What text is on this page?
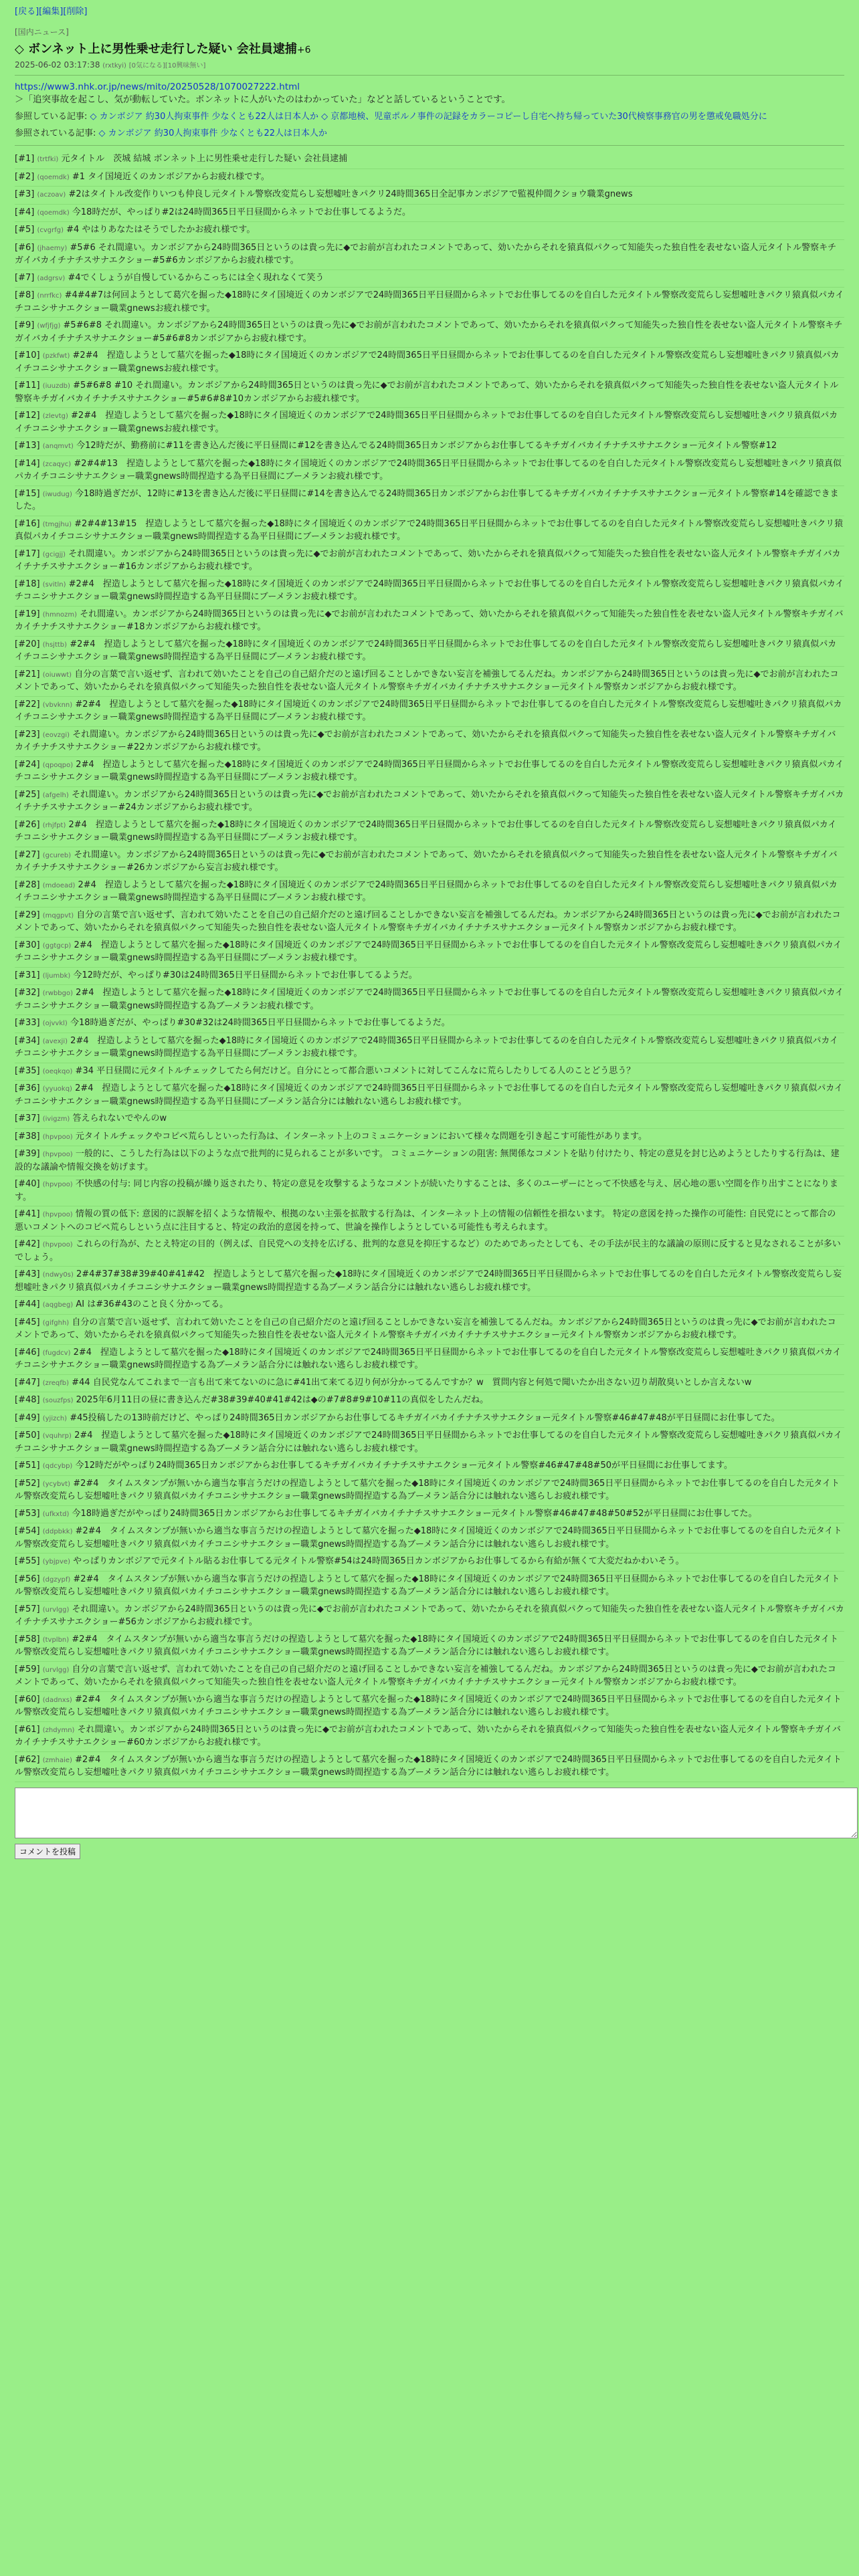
[戻る][編集][削除]
[国内ニュース]
◇ ボンネット上に男性乗せ走行した疑い 会社員逮捕+6
2025-06-02 03:17:38 (rxtkyi) [0気になる][10興味無い]
https://www3.nhk.or.jp/news/mito/20250528/1070027222.html
＞「追突事故を起こし、気が動転していた。ボンネットに人がいたのはわかっていた」などと話しているということです。
参照している記事: ◇ カンボジア 約30人拘束事件 少なくとも22人は日本人か ◇ 京都地検、児童ポルノ事件の記録をカラーコピーし自宅へ持ち帰っていた30代検察事務官の男を懲戒免職処分に
参照されている記事: ◇ カンボジア 約30人拘束事件 少なくとも22人は日本人か
[#1] (trtfki) 元タイトル　茨城 結城 ボンネット上に男性乗せ走行した疑い 会社員逮捕
[#2] (qoemdk) #1 タイ国境近くのカンボジアからお疲れ様です。
[#3] (aczoav) #2はタイトル改変作りいつも仲良し元タイトル警察改変荒らし妄想嘘吐きパクリ24時間365日全記事カンボジアで監視仲間クショウ職業gnews
[#4] (qoemdk) 今18時だが、やっぱり#2は24時間365日平日昼間からネットでお仕事してるようだ。
[#5] (cvgrfg) #4 やはりあなたはそうでしたかお疲れ様です。
[#6] (jhaemy) #5#6 それ間違い。カンボジアから24時間365日というのは貴っ先に◆でお前が言われたコメントであって、効いたからそれを猿真似パクって知能失った独自性を表せない盗人元タイトル警察キチガイバカイチナチスサナエクショー#5#6カンボジアからお疲れ様です。
[#7] (adgrsv) #4でくしょうが自慢しているからこっちには全く現れなくて笑う
[#8] (nrrfkc) #4#4#7は何回ようとして葛穴を掘った◆18時にタイ国境近くのカンボジアで24時間365日平日昼間からネットでお仕事してるのを自白した元タイトル警察改変荒らし妄想嘘吐きパクリ猿真似パカイチコニシサナエクショー職業gnewsお疲れ様です。
[#9] (wfjfjg) #5#6#8 それ間違い。カンボジアから24時間365日というのは貴っ先に◆でお前が言われたコメントであって、効いたからそれを猿真似パクって知能失った独自性を表せない盗人元タイトル警察キチガイバカイチナチスサナエクショー#5#6#8カンボジアからお疲れ様です。
[#10] (pzkfwt) #2#4　捏造しようとして墓穴を掘った◆18時にタイ国境近くのカンボジアで24時間365日平日昼間からネットでお仕事してるのを自白した元タイトル警察改変荒らし妄想嘘吐きパクリ猿真似パカイチコニシサナエクショー職業gnewsお疲れ様です。
[#11] (iuuzdb) #5#6#8 #10 それ間違い。カンボジアから24時間365日というのは貴っ先に◆でお前が言われたコメントであって、効いたからそれを猿真似パクって知能失った独自性を表せない盗人元タイトル警察キチガイバカイチナチスサナエクショー#5#6#8#10カンボジアからお疲れ様です。
[#12] (zlevtg) #2#4　捏造しようとして墓穴を掘った◆18時にタイ国境近くのカンボジアで24時間365日平日昼間からネットでお仕事してるのを自白した元タイトル警察改変荒らし妄想嘘吐きパクリ猿真似パカイチコニシサナエクショー職業gnewsお疲れ様です。
[#13] (anqmvt) 今12時だが、勤務前に#11を書き込んだ後に平日昼間に#12を書き込んでる24時間365日カンボジアからお仕事してるキチガイバカイチナチスサナエクショー元タイトル警察#12
[#14] (zcaqyc) #2#4#13　捏造しようとして墓穴を掘った◆18時にタイ国境近くのカンボジアで24時間365日平日昼間からネットでお仕事してるのを自白した元タイトル警察改変荒らし妄想嘘吐きパクリ猿真似パカイチコニシサナエクショー職業gnews時間捏造する為平日昼間にブーメランお疲れ様です。
[#15] (iwudug) 今18時過ぎだが、12時に#13を書き込んだ後に平日昼間に#14を書き込んでる24時間365日カンボジアからお仕事してるキチガイバカイチナチスサナエクショー元タイトル警察#14を確認できました。
[#16] (tmgjhu) #2#4#13#15　捏造しようとして墓穴を掘った◆18時にタイ国境近くのカンボジアで24時間365日平日昼間からネットでお仕事してるのを自白した元タイトル警察改変荒らし妄想嘘吐きパクリ猿真似パカイチコニシサナエクショー職業gnews時間捏造する為平日昼間にブーメランお疲れ様です。
[#17] (gcigjj) それ間違い。カンボジアから24時間365日というのは貴っ先に◆でお前が言われたコメントであって、効いたからそれを猿真似パクって知能失った独自性を表せない盗人元タイトル警察キチガイバカイチナチスサナエクショー#16カンボジアからお疲れ様です。
[#18] (svitln) #2#4　捏造しようとして墓穴を掘った◆18時にタイ国境近くのカンボジアで24時間365日平日昼間からネットでお仕事してるのを自白した元タイトル警察改変荒らし妄想嘘吐きパクリ猿真似パカイチコニシサナエクショー職業gnews時間捏造する為平日昼間にブーメランお疲れ様です。
[#19] (hmnozm) それ間違い。カンボジアから24時間365日というのは貴っ先に◆でお前が言われたコメントであって、効いたからそれを猿真似パクって知能失った独自性を表せない盗人元タイトル警察キチガイバカイチナチスサナエクショー#18カンボジアからお疲れ様です。
[#20] (hsjttb) #2#4　捏造しようとして墓穴を掘った◆18時にタイ国境近くのカンボジアで24時間365日平日昼間からネットでお仕事してるのを自白した元タイトル警察改変荒らし妄想嘘吐きパクリ猿真似パカイチコニシサナエクショー職業gnews時間捏造する為平日昼間にブーメランお疲れ様です。
[#21] (oiuwwt) 自分の言葉で言い返せず、言われて効いたことを自己の自己紹介だのと遠げ回ることしかできない妄言を補強してるんだね。カンボジアから24時間365日というのは貴っ先に◆でお前が言われたコメントであって、効いたからそれを猿真似パクって知能失った独自性を表せない盗人元タイトル警察キチガイバカイチナチスサナエクショー元タイトル警察カンボジアからお疲れ様です。
[#22] (vbvknn) #2#4　捏造しようとして墓穴を掘った◆18時にタイ国境近くのカンボジアで24時間365日平日昼間からネットでお仕事してるのを自白した元タイトル警察改変荒らし妄想嘘吐きパクリ猿真似パカイチコニシサナエクショー職業gnews時間捏造する為平日昼間にブーメランお疲れ様です。
[#23] (eovzgi) それ間違い。カンボジアから24時間365日というのは貴っ先に◆でお前が言われたコメントであって、効いたからそれを猿真似パクって知能失った独自性を表せない盗人元タイトル警察キチガイバカイチナチスサナエクショー#22カンボジアからお疲れ様です。
[#24] (qpoqpo) 2#4　捏造しようとして墓穴を掘った◆18時にタイ国境近くのカンボジアで24時間365日平日昼間からネットでお仕事してるのを自白した元タイトル警察改変荒らし妄想嘘吐きパクリ猿真似パカイチコニシサナエクショー職業gnews時間捏造する為平日昼間にブーメランお疲れ様です。
[#25] (afgelh) それ間違い。カンボジアから24時間365日というのは貴っ先に◆でお前が言われたコメントであって、効いたからそれを猿真似パクって知能失った独自性を表せない盗人元タイトル警察キチガイバカイチナチスサナエクショー#24カンボジアからお疲れ様です。
[#26] (rhjfpt) 2#4　捏造しようとして墓穴を掘った◆18時にタイ国境近くのカンボジアで24時間365日平日昼間からネットでお仕事してるのを自白した元タイトル警察改変荒らし妄想嘘吐きパクリ猿真似パカイチコニシサナエクショー職業gnews時間捏造する為平日昼間にブーメランお疲れ様です。
[#27] (gcureb) それ間違い。カンボジアから24時間365日というのは貴っ先に◆でお前が言われたコメントであって、効いたからそれを猿真似パクって知能失った独自性を表せない盗人元タイトル警察キチガイバカイチナチスサナエクショー#26カンボジアから妄言お疲れ様です。
[#28] (mdoead) 2#4　捏造しようとして墓穴を掘った◆18時にタイ国境近くのカンボジアで24時間365日平日昼間からネットでお仕事してるのを自白した元タイトル警察改変荒らし妄想嘘吐きパクリ猿真似パカイチコニシサナエクショー職業gnews時間捏造する為平日昼間にブーメランお疲れ様です。
[#29] (mqgpvt) 自分の言葉で言い返せず、言われて効いたことを自己の自己紹介だのと遠げ回ることしかできない妄言を補強してるんだね。カンボジアから24時間365日というのは貴っ先に◆でお前が言われたコメントであって、効いたからそれを猿真似パクって知能失った独自性を表せない盗人元タイトル警察キチガイバカイチナチスサナエクショー元タイトル警察カンボジアからお疲れ様です。
[#30] (ggtgcp) 2#4　捏造しようとして墓穴を掘った◆18時にタイ国境近くのカンボジアで24時間365日平日昼間からネットでお仕事してるのを自白した元タイトル警察改変荒らし妄想嘘吐きパクリ猿真似パカイチコニシサナエクショー職業gnews時間捏造する為平日昼間にブーメランお疲れ様です。
[#31] (ljumbk) 今12時だが、やっぱり#30は24時間365日平日昼間からネットでお仕事してるようだ。
[#32] (rwbbgo) 2#4　捏造しようとして墓穴を掘った◆18時にタイ国境近くのカンボジアで24時間365日平日昼間からネットでお仕事してるのを自白した元タイトル警察改変荒らし妄想嘘吐きパクリ猿真似パカイチコニシサナエクショー職業gnews時間捏造する為ブーメランお疲れ様です。
[#33] (ojvvkl) 今18時過ぎだが、やっぱり#30#32は24時間365日平日昼間からネットでお仕事してるようだ。
[#34] (avexji) 2#4　捏造しようとして墓穴を掘った◆18時にタイ国境近くのカンボジアで24時間365日平日昼間からネットでお仕事してるのを自白した元タイトル警察改変荒らし妄想嘘吐きパクリ猿真似パカイチコニシサナエクショー職業gnews時間捏造する為平日昼間にブーメランお疲れ様です。
[#35] (oeqkqo) #34 平日昼間に元タイトルチェックしてたら何だけど。自分にとって都合悪いコメントに対してこんなに荒らしたりしてる人のことどう思う？
[#36] (yyuokq) 2#4　捏造しようとして墓穴を掘った◆18時にタイ国境近くのカンボジアで24時間365日平日昼間からネットでお仕事してるのを自白した元タイトル警察改変荒らし妄想嘘吐きパクリ猿真似パカイチコニシサナエクショー職業gnews時間捏造する為平日昼間にブーメラン話合分には触れない逃らしお疲れ様です。
[#37] (ivigzm) 答えられないでやんのw
[#38] (hpvpoo) 元タイトルチェックやコピペ荒らしといった行為は、インターネット上のコミュニケーションにおいて様々な問題を引き起こす可能性があります。
[#39] (hpvpoo) 一般的に、こうした行為は以下のような点で批判的に見られることが多いです。 コミュニケーションの阻害: 無関係なコメントを貼り付けたり、特定の意見を封じ込めようとしたりする行為は、建設的な議論や情報交換を妨げます。
[#40] (hpvpoo) 不快感の付与: 同じ内容の投稿が繰り返されたり、特定の意見を攻撃するようなコメントが続いたりすることは、多くのユーザーにとって不快感を与え、居心地の悪い空間を作り出すことになります。
[#41] (hpvpoo) 情報の質の低下: 意図的に誤解を招くような情報や、根拠のない主張を拡散する行為は、インターネット上の情報の信頼性を損ないます。 特定の意図を持った操作の可能性: 自民党にとって都合の悪いコメントへのコピペ荒らしという点に注目すると、特定の政治的意図を持って、世論を操作しようとしている可能性も考えられます。
[#42] (hpvpoo) これらの行為が、たとえ特定の目的（例えば、自民党への支持を広げる、批判的な意見を抑圧するなど）のためであったとしても、その手法が民主的な議論の原則に反すると見なされることが多いでしょう。
[#43] (ndwy0s) 2#4#37#38#39#40#41#42　捏造しようとして墓穴を掘った◆18時にタイ国境近くのカンボジアで24時間365日平日昼間からネットでお仕事してるのを自白した元タイトル警察改変荒らし妄想嘘吐きパクリ猿真似パカイチコニシサナエクショー職業gnews時間捏造する為ブーメラン話合分には触れない逃らしお疲れ様です。
[#44] (aqgbeg) AI は#36#43のこと良く分かってる。
[#45] (gifghh) 自分の言葉で言い返せず、言われて効いたことを自己の自己紹介だのと遠げ回ることしかできない妄言を補強してるんだね。カンボジアから24時間365日というのは貴っ先に◆でお前が言われたコメントであって、効いたからそれを猿真似パクって知能失った独自性を表せない盗人元タイトル警察キチガイバカイチナチスサナエクショー元タイトル警察カンボジアからお疲れ様です。
[#46] (fugdcv) 2#4　捏造しようとして墓穴を掘った◆18時にタイ国境近くのカンボジアで24時間365日平日昼間からネットでお仕事してるのを自白した元タイトル警察改変荒らし妄想嘘吐きパクリ猿真似パカイチコニシサナエクショー職業gnews時間捏造する為ブーメラン話合分には触れない逃らしお疲れ様です。
[#47] (zreqfb) #44 自民党なんてこれまで一言も出て来てないのに急に#41出て来てる辺り何が分かってるんですか？w　質問内容と何処で聞いたか出さない辺り胡散臭いとしか言えないw
[#48] (souzfps) 2025年6月11日の昼に書き込んだ#38#39#40#41#42は◆の#7#8#9#10#11の真似をしたんだね。
[#49] (yjizch) #45投稿したの13時前だけど、やっぱり24時間365日カンボジアからお仕事してるキチガイバカイチナチスサナエクショー元タイトル警察#46#47#48が平日昼間にお仕事してた。
[#50] (vquhrp) 2#4　捏造しようとして墓穴を掘った◆18時にタイ国境近くのカンボジアで24時間365日平日昼間からネットでお仕事してるのを自白した元タイトル警察改変荒らし妄想嘘吐きパクリ猿真似パカイチコニシサナエクショー職業gnews時間捏造する為ブーメラン話合分には触れない逃らしお疲れ様です。
[#51] (qdcybp) 今12時だがやっぱり24時間365日カンボジアからお仕事してるキチガイバカイチナチスサナエクショー元タイトル警察#46#47#48#50が平日昼間にお仕事してます。
[#52] (ycybvt) #2#4　タイムスタンプが無いから適当な事言うだけの捏造しようとして墓穴を掘った◆18時にタイ国境近くのカンボジアで24時間365日平日昼間からネットでお仕事してるのを自白した元タイトル警察改変荒らし妄想嘘吐きパクリ猿真似パカイチコニシサナエクショー職業gnews時間捏造する為ブーメラン話合分には触れない逃らしお疲れ様です。
[#53] (ufkxtd) 今18時過ぎだがやっぱり24時間365日カンボジアからお仕事してるキチガイバカイチナチスサナエクショー元タイトル警察#46#47#48#50#52が平日昼間にお仕事してた。
[#54] (ddpbkk) #2#4　タイムスタンプが無いから適当な事言うだけの捏造しようとして墓穴を掘った◆18時にタイ国境近くのカンボジアで24時間365日平日昼間からネットでお仕事してるのを自白した元タイトル警察改変荒らし妄想嘘吐きパクリ猿真似パカイチコニシサナエクショー職業gnews時間捏造する為ブーメラン話合分には触れない逃らしお疲れ様です。
[#55] (ybjpve) やっぱりカンボジアで元タイトル貼るお仕事してる元タイトル警察#54は24時間365日カンボジアからお仕事してるから有給が無くて大変だねかわいそう。
[#56] (dgzypf) #2#4　タイムスタンプが無いから適当な事言うだけの捏造しようとして墓穴を掘った◆18時にタイ国境近くのカンボジアで24時間365日平日昼間からネットでお仕事してるのを自白した元タイトル警察改変荒らし妄想嘘吐きパクリ猿真似パカイチコニシサナエクショー職業gnews時間捏造する為ブーメラン話合分には触れない逃らしお疲れ様です。
[#57] (urvlgg) それ間違い。カンボジアから24時間365日というのは貴っ先に◆でお前が言われたコメントであって、効いたからそれを猿真似パクって知能失った独自性を表せない盗人元タイトル警察キチガイバカイチナチスサナエクショー#56カンボジアからお疲れ様です。
[#58] (tvplbn) #2#4　タイムスタンプが無いから適当な事言うだけの捏造しようとして墓穴を掘った◆18時にタイ国境近くのカンボジアで24時間365日平日昼間からネットでお仕事してるのを自白した元タイトル警察改変荒らし妄想嘘吐きパクリ猿真似パカイチコニシサナエクショー職業gnews時間捏造する為ブーメラン話合分には触れない逃らしお疲れ様です。
[#59] (urvlgg) 自分の言葉で言い返せず、言われて効いたことを自己の自己紹介だのと遠げ回ることしかできない妄言を補強してるんだね。カンボジアから24時間365日というのは貴っ先に◆でお前が言われたコメントであって、効いたからそれを猿真似パクって知能失った独自性を表せない盗人元タイトル警察キチガイバカイチナチスサナエクショー元タイトル警察カンボジアからお疲れ様です。
[#60] (dadnxs) #2#4　タイムスタンプが無いから適当な事言うだけの捏造しようとして墓穴を掘った◆18時にタイ国境近くのカンボジアで24時間365日平日昼間からネットでお仕事してるのを自白した元タイトル警察改変荒らし妄想嘘吐きパクリ猿真似パカイチコニシサナエクショー職業gnews時間捏造する為ブーメラン話合分には触れない逃らしお疲れ様です。
[#61] (zhdymn) それ間違い。カンボジアから24時間365日というのは貴っ先に◆でお前が言われたコメントであって、効いたからそれを猿真似パクって知能失った独自性を表せない盗人元タイトル警察キチガイバカイチナチスサナエクショー#60カンボジアからお疲れ様です。
[#62] (zmhaie) #2#4　タイムスタンプが無いから適当な事言うだけの捏造しようとして墓穴を掘った◆18時にタイ国境近くのカンボジアで24時間365日平日昼間からネットでお仕事してるのを自白した元タイトル警察改変荒らし妄想嘘吐きパクリ猿真似パカイチコニシサナエクショー職業gnews時間捏造する為ブーメラン話合分には触れない逃らしお疲れ様です。
コメントを投稿
